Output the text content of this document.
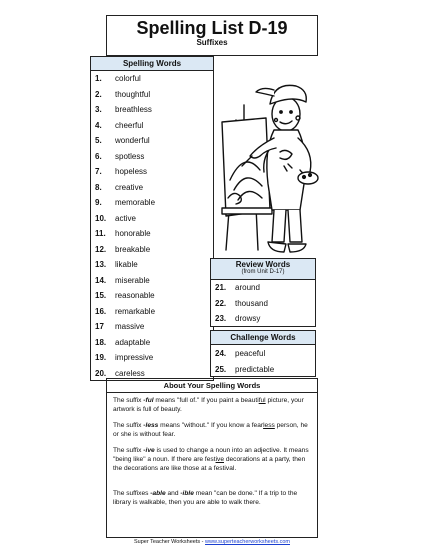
Spelling List D-19
Suffixes
Spelling Words
1. colorful
2. thoughtful
3. breathless
4. cheerful
5. wonderful
6. spotless
7. hopeless
8. creative
9. memorable
10. active
11. honorable
12. breakable
13. likable
14. miserable
15. reasonable
16. remarkable
17 massive
18. adaptable
19. impressive
20. careless
Review Words
(from Unit D-17)
21. around
22. thousand
23. drowsy
Challenge Words
24. peaceful
25. predictable
About Your Spelling Words
The suffix -ful means "full of." If you paint a beautiful picture, your artwork is full of beauty.
The suffix -less means "without." If you know a fearless person, he or she is without fear.
The suffix -ive is used to change a noun into an adjective. It means "being like" a noun. If there are festive decorations at a party, then the decorations are like those at a festival.
The suffixes -able and -ible mean "can be done." If a trip to the library is walkable, then you are able to walk there.
Super Teacher Worksheets - www.superteacherworksheets.com
